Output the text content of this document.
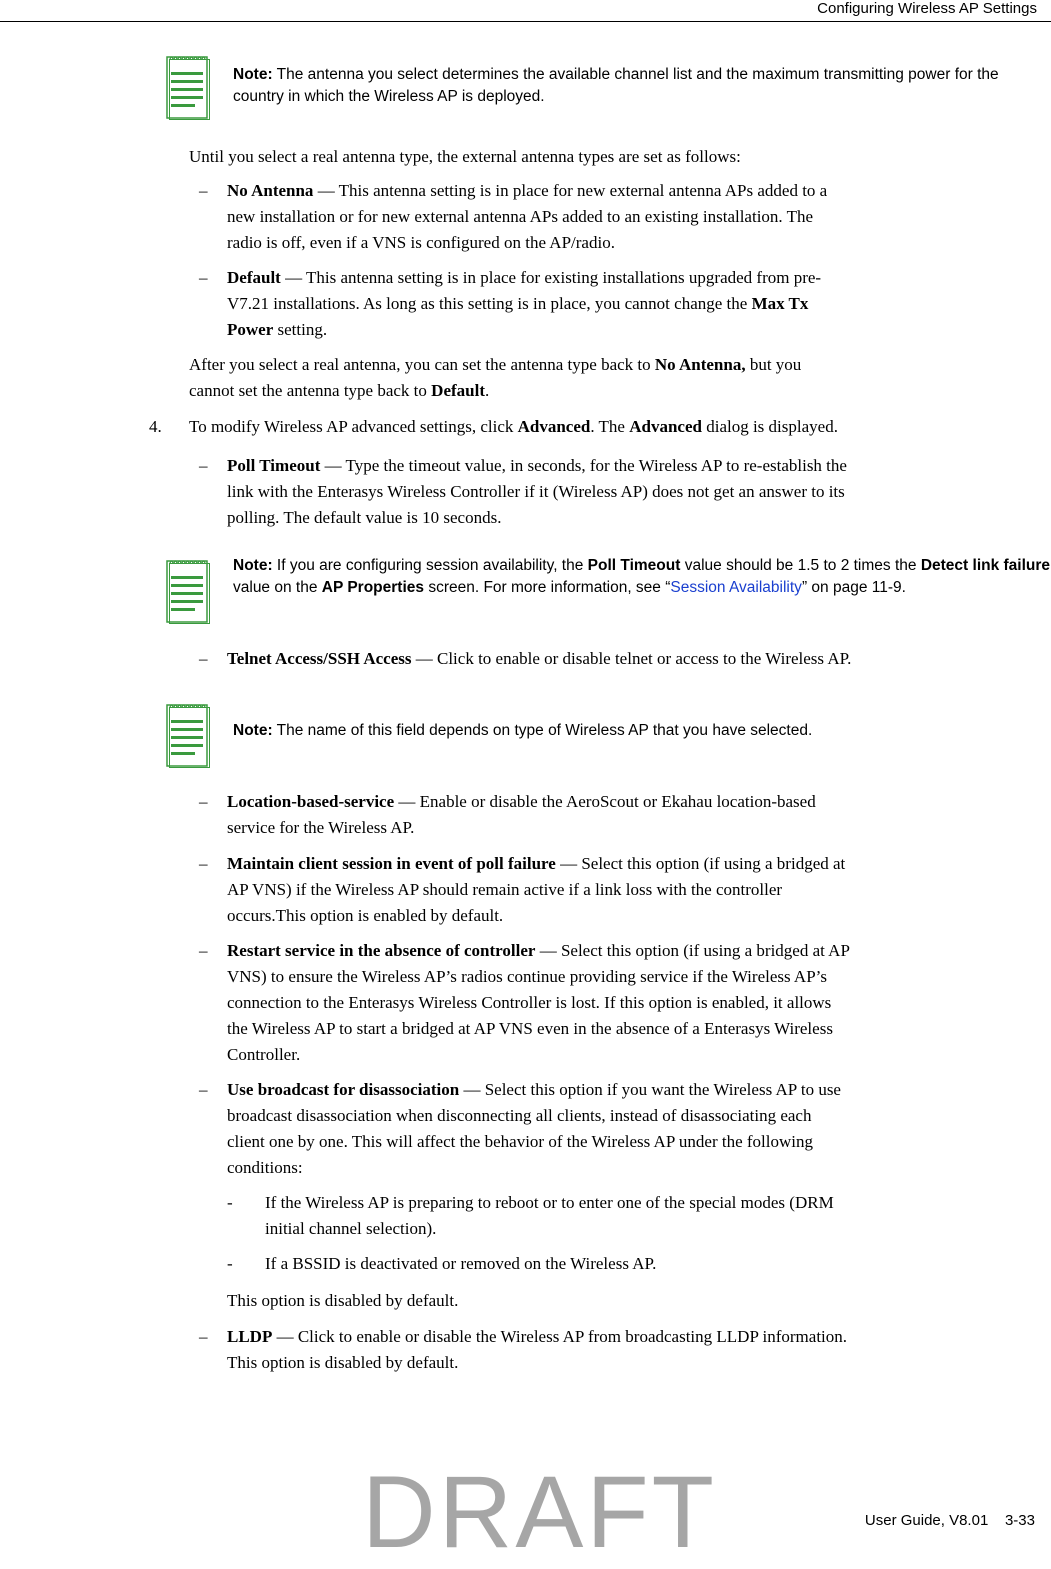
Configuring Wireless AP Settings
Note: The antenna you select determines the available channel list and the maximum transmitting power for the country in which the Wireless AP is deployed.
Until you select a real antenna type, the external antenna types are set as follows:
– No Antenna — This antenna setting is in place for new external antenna APs added to a
new installation or for new external antenna APs added to an existing installation. The
radio is off, even if a VNS is configured on the AP/radio.
– Default — This antenna setting is in place for existing installations upgraded from pre-
V7.21 installations. As long as this setting is in place, you cannot change the Max Tx
Power setting.
After you select a real antenna, you can set the antenna type back to No Antenna, but you
cannot set the antenna type back to Default.
4. To modify Wireless AP advanced settings, click Advanced. The Advanced dialog is displayed.
– Poll Timeout — Type the timeout value, in seconds, for the Wireless AP to re-establish the
link with the Enterasys Wireless Controller if it (Wireless AP) does not get an answer to its
polling. The default value is 10 seconds.
Note: If you are configuring session availability, the Poll Timeout value should be 1.5 to 2 times the Detect link failure value on the AP Properties screen. For more information, see “Session Availability” on page 11-9.
– Telnet Access/SSH Access — Click to enable or disable telnet or access to the Wireless AP.
Note: The name of this field depends on type of Wireless AP that you have selected.
– Location-based-service — Enable or disable the AeroScout or Ekahau location-based
service for the Wireless AP.
– Maintain client session in event of poll failure — Select this option (if using a bridged at
AP VNS) if the Wireless AP should remain active if a link loss with the controller
occurs.This option is enabled by default.
– Restart service in the absence of controller — Select this option (if using a bridged at AP
VNS) to ensure the Wireless AP’s radios continue providing service if the Wireless AP’s
connection to the Enterasys Wireless Controller is lost. If this option is enabled, it allows
the Wireless AP to start a bridged at AP VNS even in the absence of a Enterasys Wireless
Controller.
– Use broadcast for disassociation — Select this option if you want the Wireless AP to use
broadcast disassociation when disconnecting all clients, instead of disassociating each
client one by one. This will affect the behavior of the Wireless AP under the following
conditions:
- If the Wireless AP is preparing to reboot or to enter one of the special modes (DRM
initial channel selection).
- If a BSSID is deactivated or removed on the Wireless AP.
This option is disabled by default.
– LLDP — Click to enable or disable the Wireless AP from broadcasting LLDP information.
This option is disabled by default.
DRAFT	User Guide, V8.01 3-33
